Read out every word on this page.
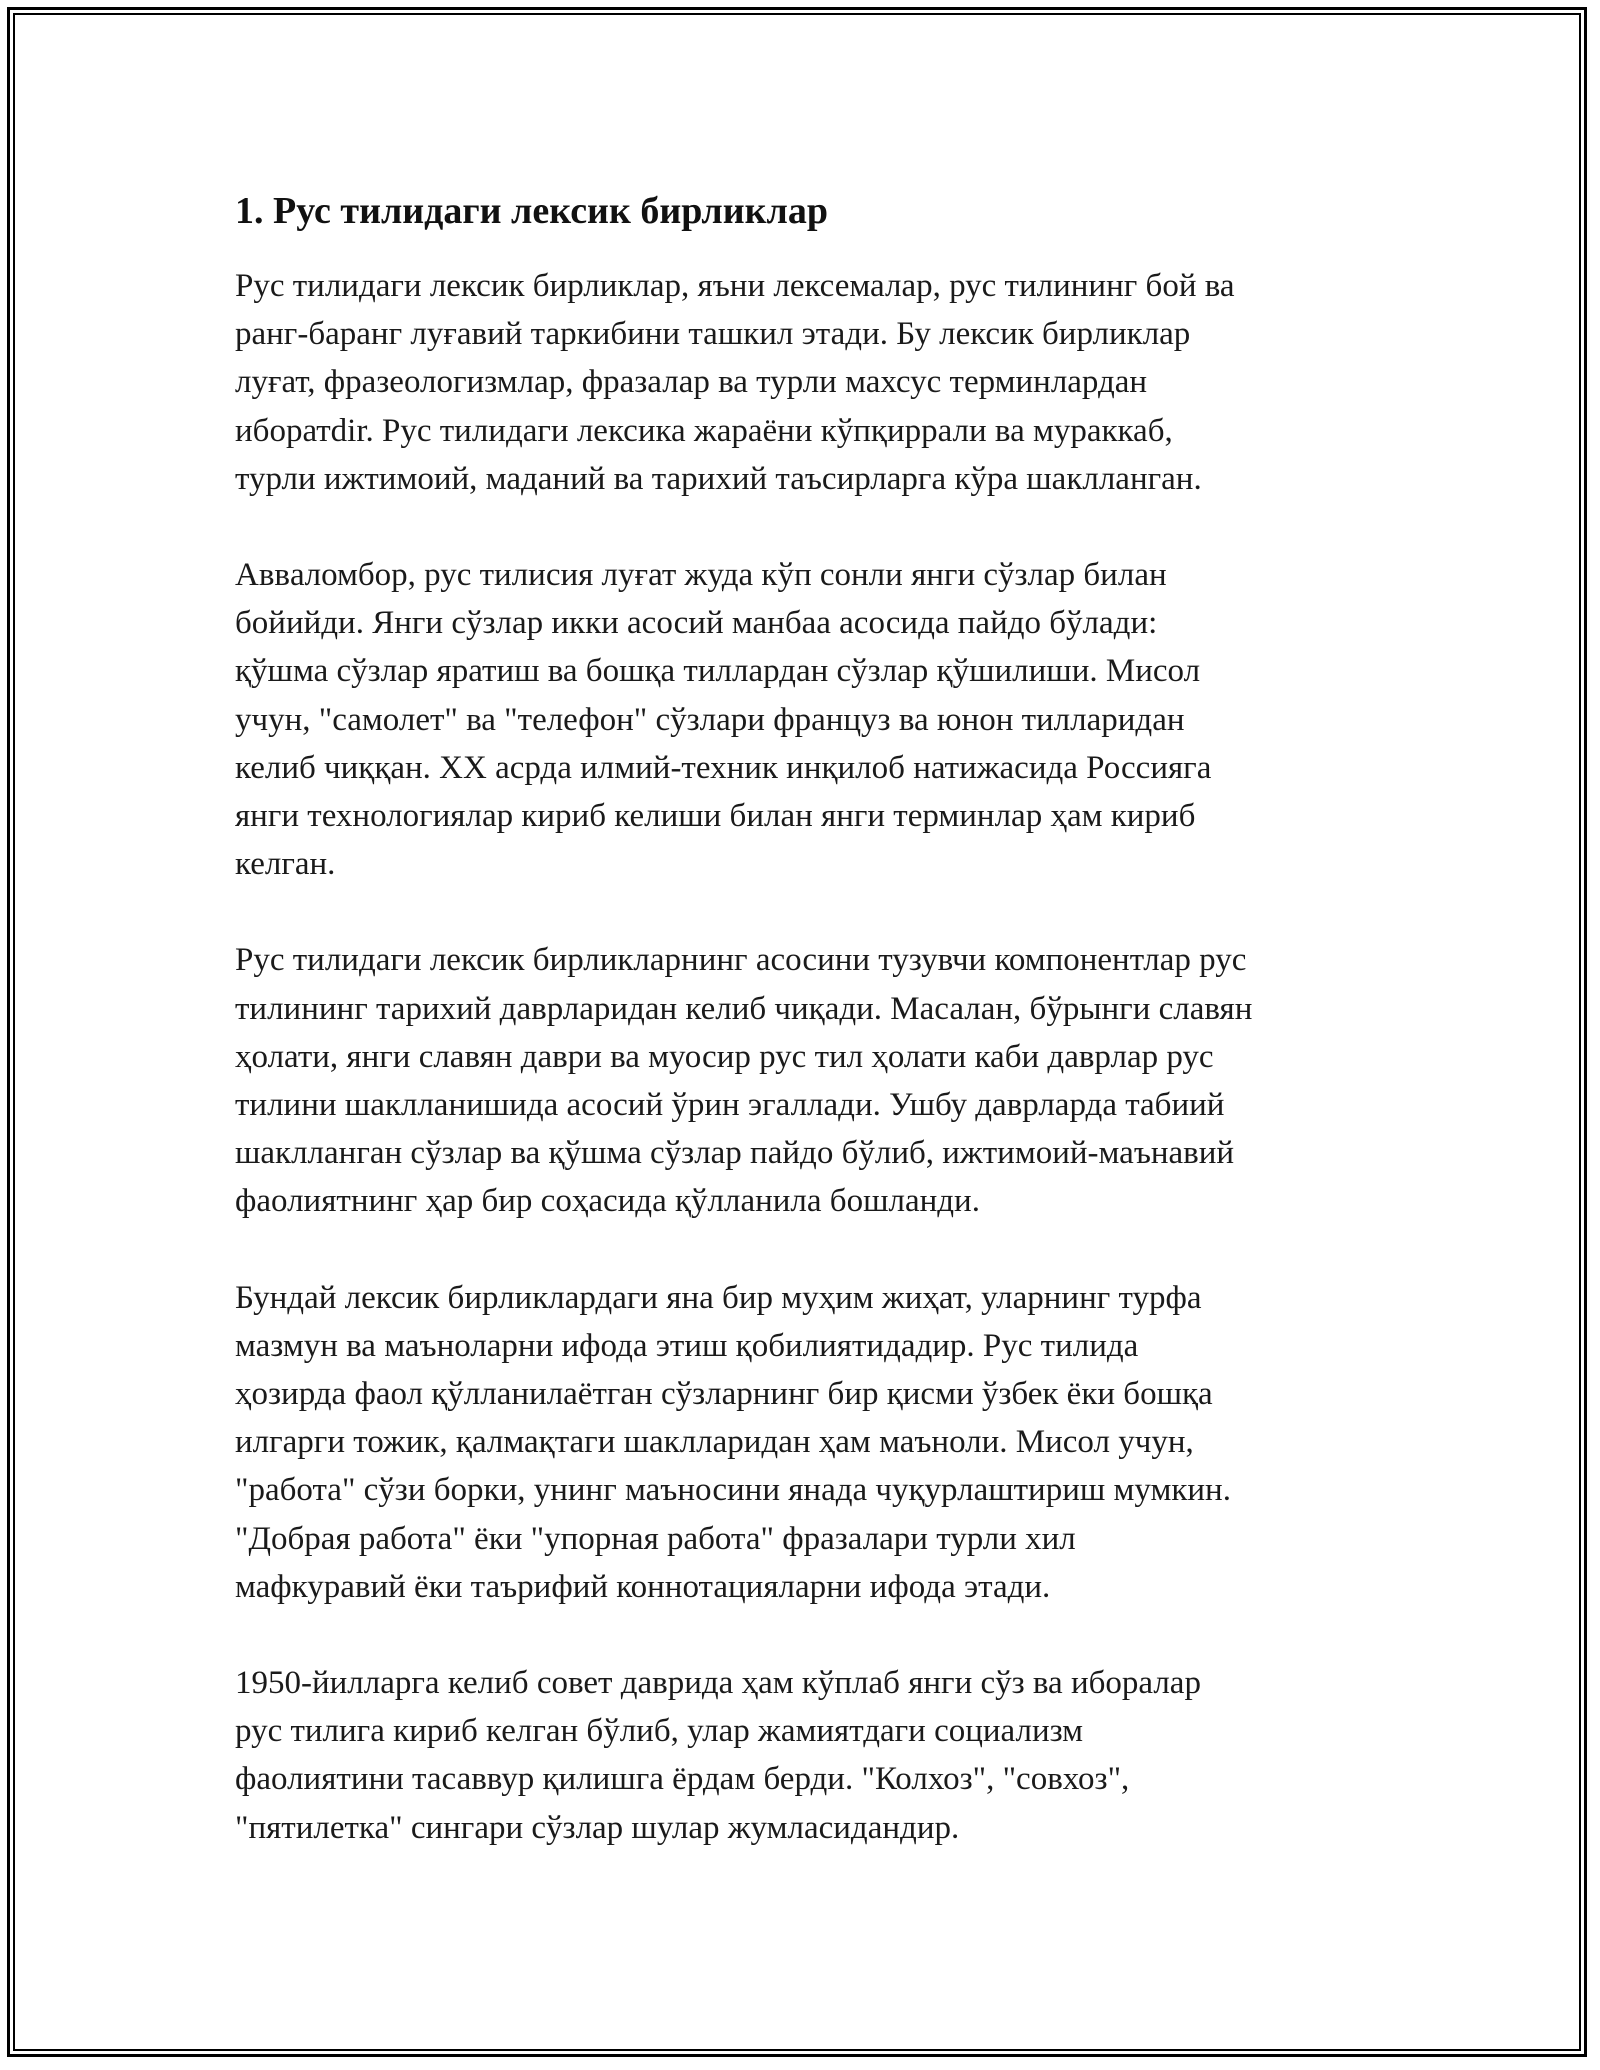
1. Рус тилидаги лексик бирликлар

Рус тилидаги лексик бирликлар, яъни лексемалар, рус тилининг бой ва
ранг-баранг луғавий таркибини ташкил этади. Бу лексик бирликлар
луғат, фразеологизмлар, фразалар ва турли махсус терминлардан
иборатdir. Рус тилидаги лексика жараёни кўпқиррали ва мураккаб,
турли ижтимоий, маданий ва тарихий таъсирларга кўра шаклланган.

Аввaломбор, рус тилисия луғат жуда кўп сонли янги сўзлар билан
бойийди. Янги сўзлар икки асосий манбаа асосида пайдо бўлади:
қўшма сўзлар яратиш ва бошқа тиллардан сўзлар қўшилиши. Мисол
учун, "самолет" ва "телефон" сўзлари француз ва юнон тилларидан
келиб чиққан. XX асрда илмий-техник инқилоб натижасида Россияга
янги технологиялар кириб келиши билан янги терминлар ҳам кириб
келган.

Рус тилидаги лексик бирликларнинг асосини тузувчи компонентлар рус
тилининг тарихий даврларидан келиб чиқади. Масалан, бўрынги славян
ҳолати, янги славян даври ва муосир рус тил ҳолати каби даврлар рус
тилини шаклланишида асосий ўрин эгаллади. Ушбу даврларда табиий
шаклланган сўзлар ва қўшма сўзлар пайдо бўлиб, ижтимоий-маънавий
фаолиятнинг ҳар бир соҳасида қўлланила бошланди.

Бундай лексик бирликлардаги яна бир муҳим жиҳат, уларнинг турфа
мазмун ва маъноларни ифода этиш қобилиятидадир. Рус тилида
ҳозирда фаол қўлланилаётган сўзларнинг бир қисми ўзбек ёки бошқа
илгарги тожик, қалмақтаги шаклларидан ҳам маъноли. Мисол учун,
"работа" сўзи борки, унинг маъносини янада чуқурлаштириш мумкин.
"Добрая работа" ёки "упорная работа" фразалари турли хил
мафкуравий ёки таърифий коннотацияларни ифода этади.

1950-йилларга келиб совет даврида ҳам кўплаб янги сўз ва иборалар
рус тилига кириб келган бўлиб, улар жамиятдаги социализм
фаолиятини тасаввур қилишга ёрдам берди. "Колхоз", "совхоз",
"пятилетка" сингари сўзлар шулар жумласидандир.
